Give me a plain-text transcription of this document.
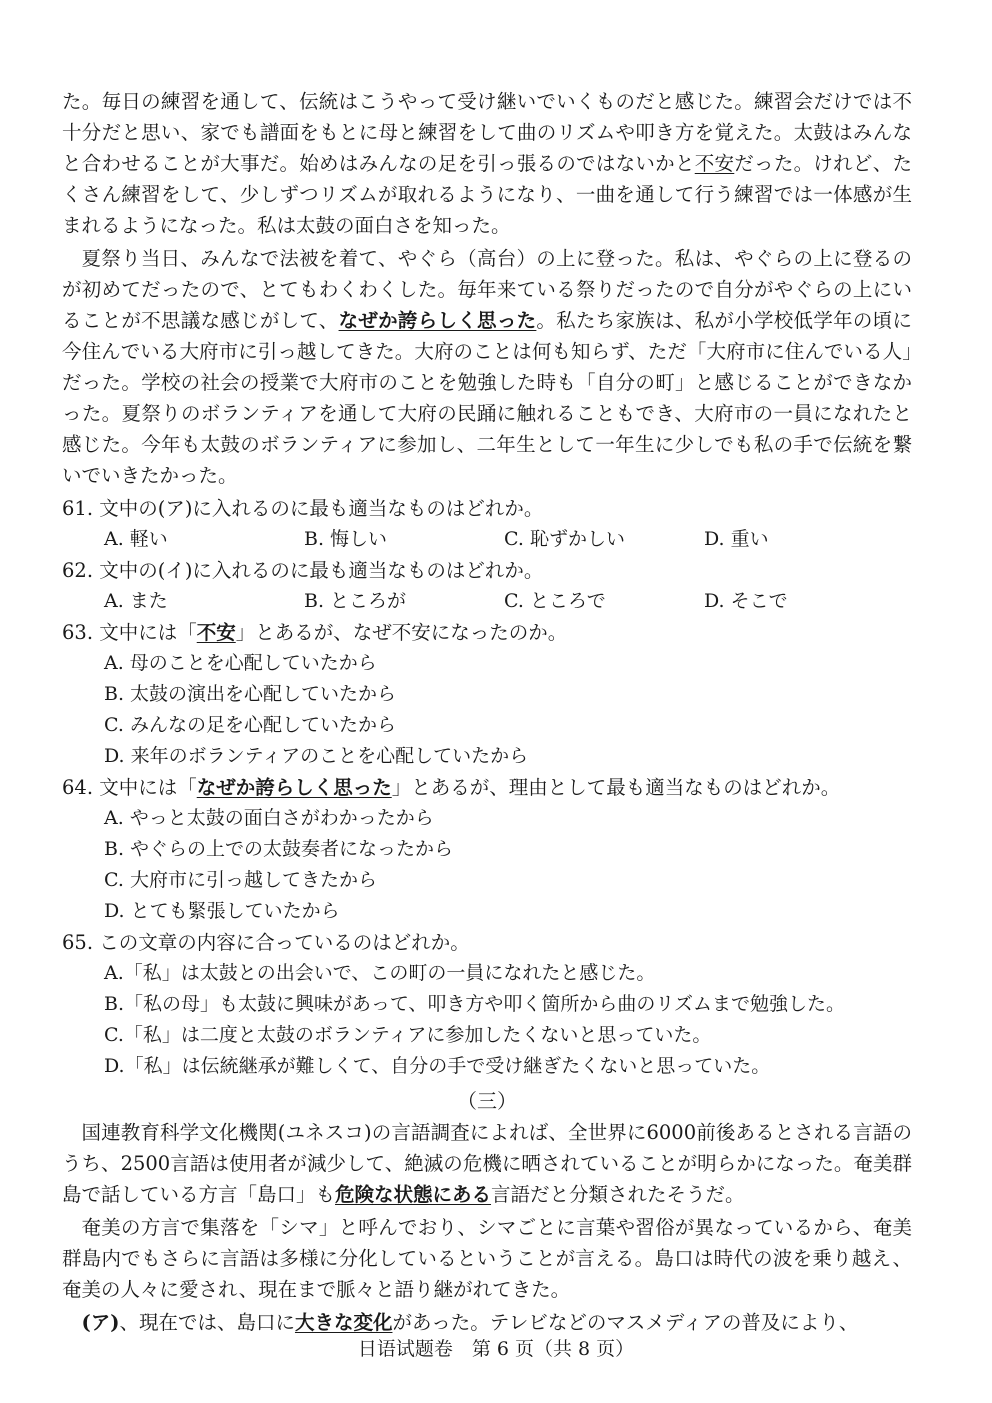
た。毎日の練習を通して、伝統はこうやって受け継いでいくものだと感じた。練習会だけでは不十分だと思い、家でも譜面をもとに母と練習をして曲のリズムや叩き方を覚えた。太鼓はみんなと合わせることが大事だ。始めはみんなの足を引っ張るのではないかと不安だった。けれど、たくさん練習をして、少しずつリズムが取れるようになり、一曲を通して行う練習では一体感が生まれるようになった。私は太鼓の面白さを知った。

夏祭り当日、みんなで法被を着て、やぐら（高台）の上に登った。私は、やぐらの上に登るのが初めてだったので、とてもわくわくした。毎年来ている祭りだったので自分がやぐらの上にいることが不思議な感じがして、なぜか誇らしく思った。私たち家族は、私が小学校低学年の頃に今住んでいる大府市に引っ越してきた。大府のことは何も知らず、ただ「大府市に住んでいる人」だった。学校の社会の授業で大府市のことを勉強した時も「自分の町」と感じることができなかった。夏祭りのボランティアを通して大府の民踊に触れることもでき、大府市の一員になれたと感じた。今年も太鼓のボランティアに参加し、二年生として一年生に少しでも私の手で伝統を繋いでいきたかった。

61. 文中の(ア)に入れるのに最も適当なものはどれか。

A. 軽い	B. 悔しい	C. 恥ずかしい	D. 重い

62. 文中の(イ)に入れるのに最も適当なものはどれか。

A. また	B. ところが	C. ところで	D. そこで

63. 文中には「不安」とあるが、なぜ不安になったのか。

A. 母のことを心配していたから
B. 太鼓の演出を心配していたから
C. みんなの足を心配していたから
D. 来年のボランティアのことを心配していたから

64. 文中には「なぜか誇らしく思った」とあるが、理由として最も適当なものはどれか。

A. やっと太鼓の面白さがわかったから
B. やぐらの上での太鼓奏者になったから
C. 大府市に引っ越してきたから
D. とても緊張していたから

65. この文章の内容に合っているのはどれか。

A.「私」は太鼓との出会いで、この町の一員になれたと感じた。
B.「私の母」も太鼓に興味があって、叩き方や叩く箇所から曲のリズムまで勉強した。
C.「私」は二度と太鼓のボランティアに参加したくないと思っていた。
D.「私」は伝統継承が難しくて、自分の手で受け継ぎたくないと思っていた。

（三）

国連教育科学文化機関(ユネスコ)の言語調査によれば、全世界に6000前後あるとされる言語のうち、2500言語は使用者が減少して、絶滅の危機に晒されていることが明らかになった。奄美群島で話している方言「島口」も危険な状態にある言語だと分類されたそうだ。

奄美の方言で集落を「シマ」と呼んでおり、シマごとに言葉や習俗が異なっているから、奄美群島内でもさらに言語は多様に分化しているということが言える。島口は時代の波を乗り越え、奄美の人々に愛され、現在まで脈々と語り継がれてきた。

(ア)、現在では、島口に大きな変化があった。テレビなどのマスメディアの普及により、

日语试题卷　第 6 页（共 8 页）
